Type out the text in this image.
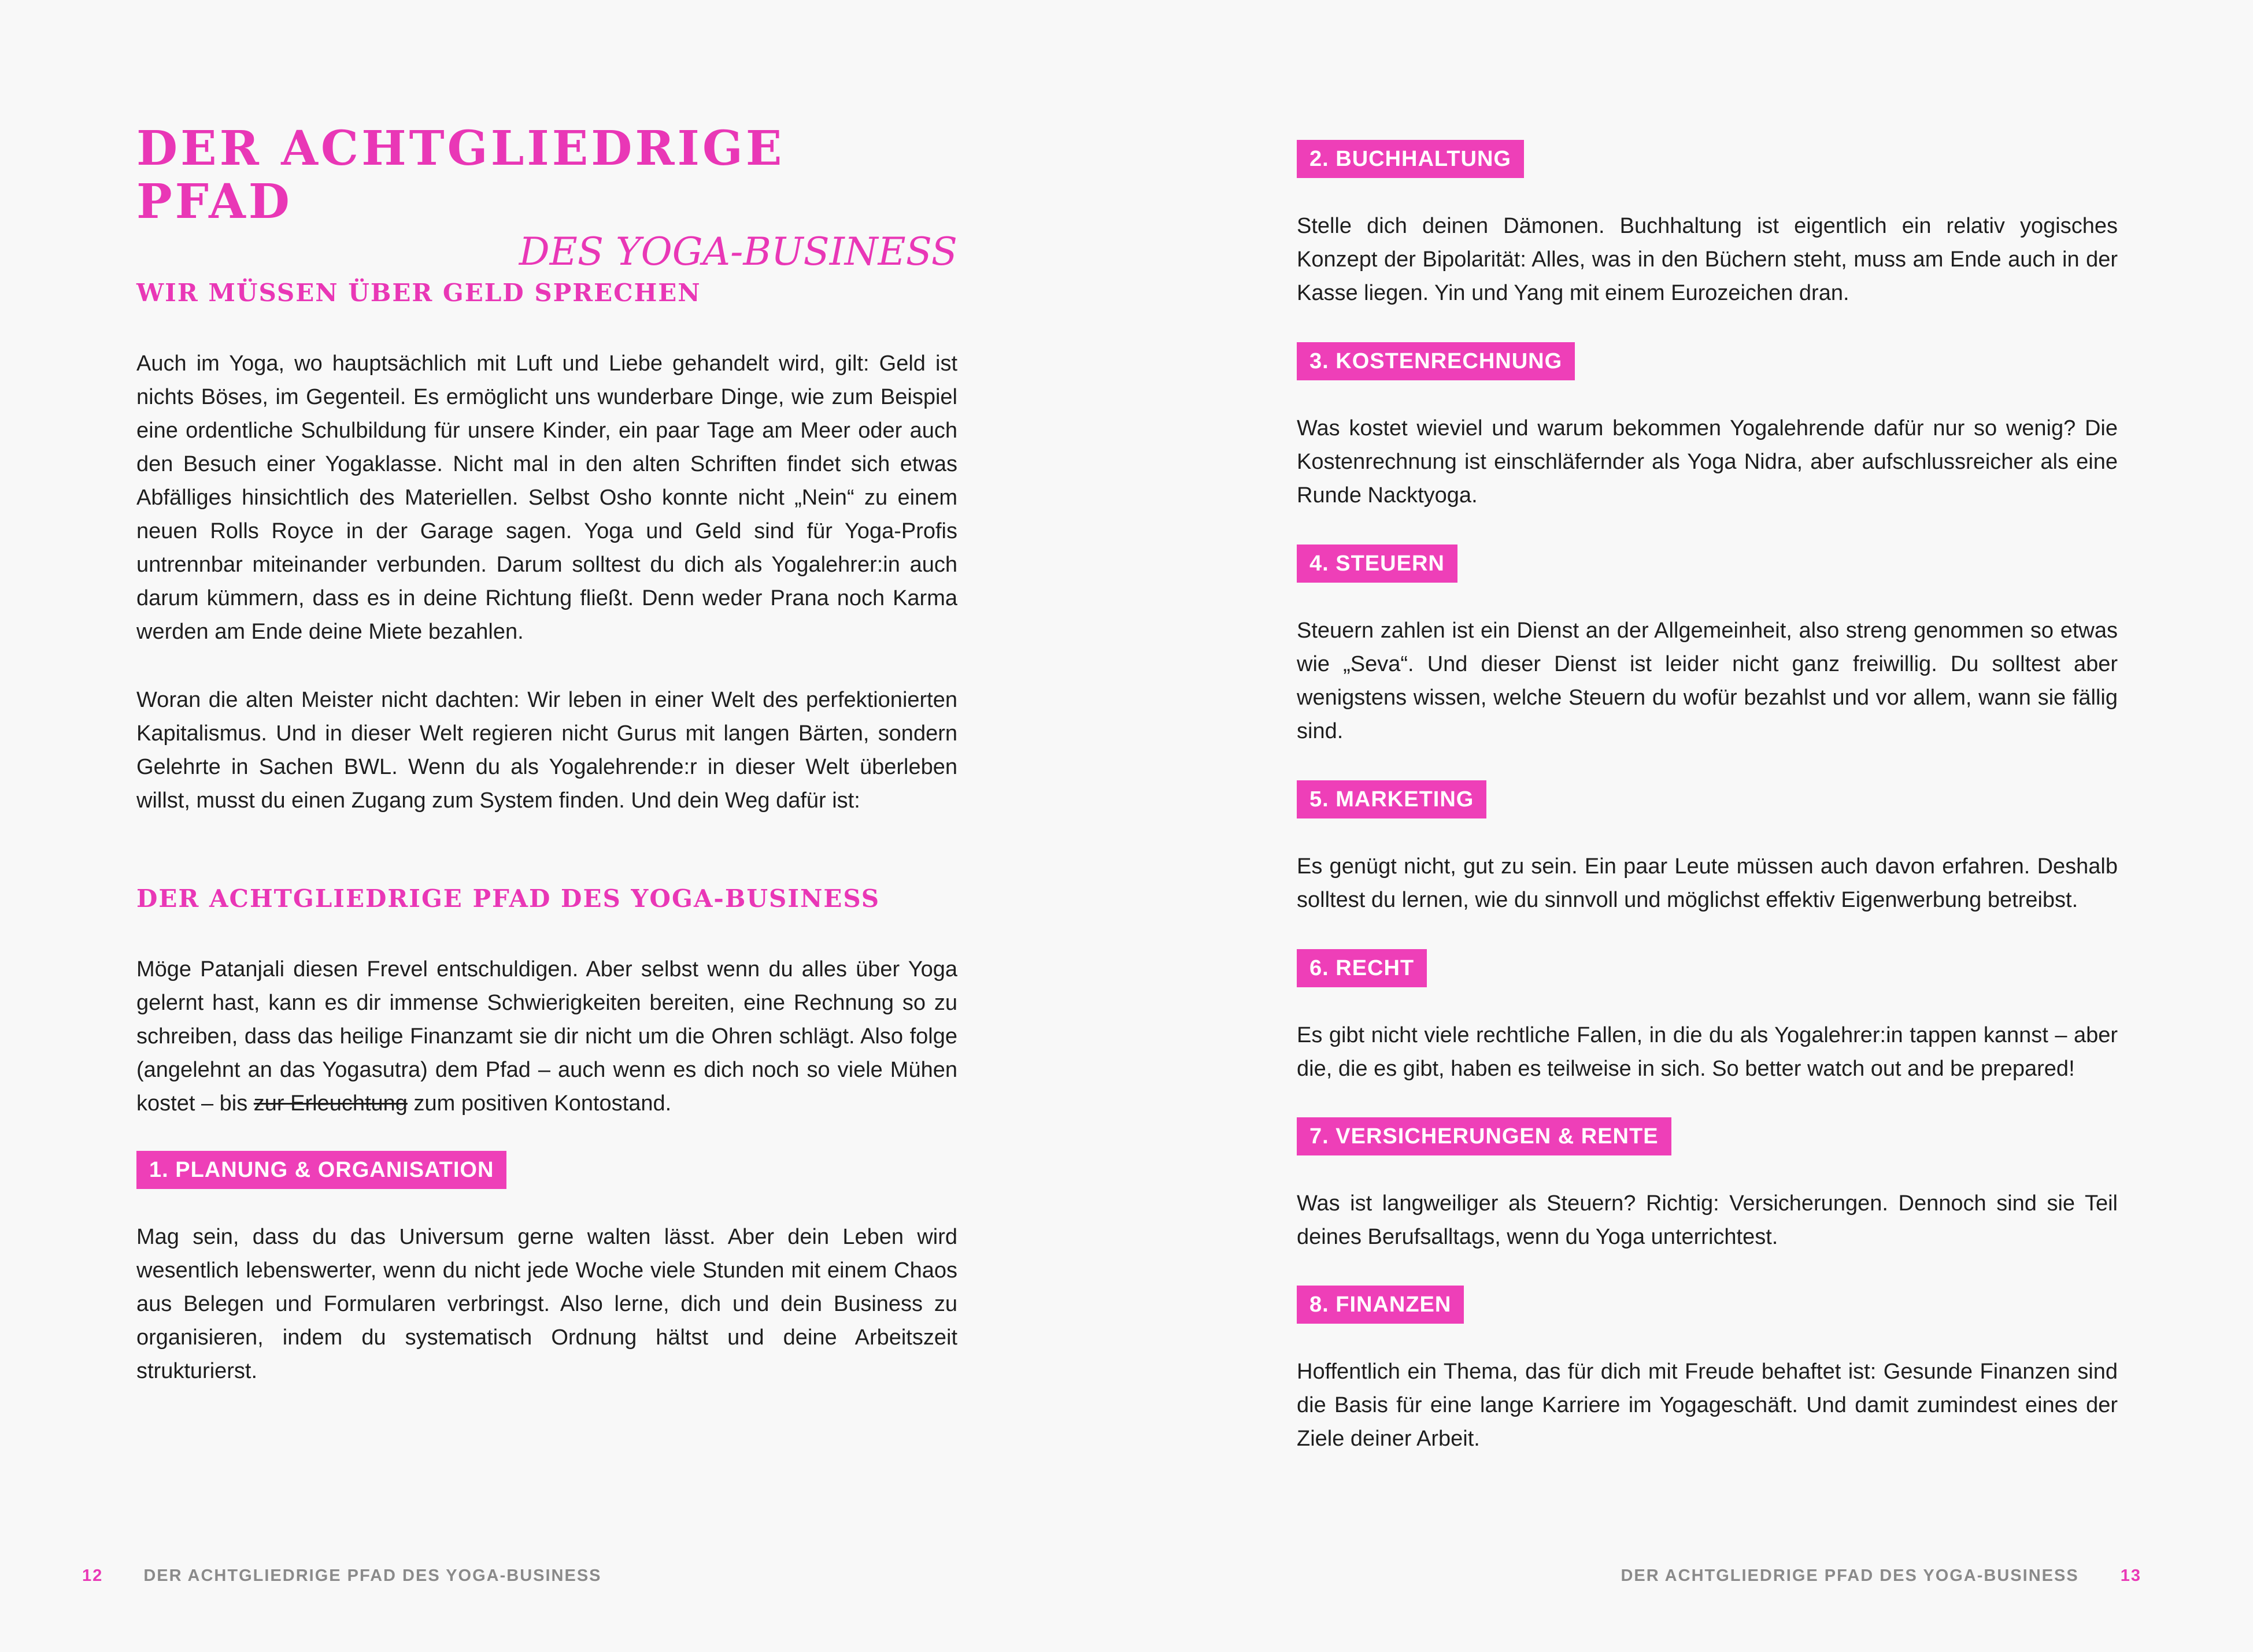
DER ACHTGLIEDRIGE PFAD
DES YOGA-BUSINESS
WIR MÜSSEN ÜBER GELD SPRECHEN

Auch im Yoga, wo hauptsächlich mit Luft und Liebe gehandelt wird, gilt: Geld ist nichts Böses, im Gegenteil. Es ermöglicht uns wunderbare Dinge, wie zum Beispiel eine ordentliche Schulbildung für unsere Kinder, ein paar Tage am Meer oder auch den Besuch einer Yogaklasse. Nicht mal in den alten Schriften findet sich etwas Abfälliges hinsichtlich des Materiellen. Selbst Osho konnte nicht „Nein“ zu einem neuen Rolls Royce in der Garage sagen. Yoga und Geld sind für Yoga-Profis untrennbar miteinander verbunden. Darum solltest du dich als Yogalehrer:in auch darum kümmern, dass es in deine Richtung fließt. Denn weder Prana noch Karma werden am Ende deine Miete bezahlen.

Woran die alten Meister nicht dachten: Wir leben in einer Welt des perfektionierten Kapitalismus. Und in dieser Welt regieren nicht Gurus mit langen Bärten, sondern Gelehrte in Sachen BWL. Wenn du als Yogalehrende:r in dieser Welt überleben willst, musst du einen Zugang zum System finden. Und dein Weg dafür ist:

DER ACHTGLIEDRIGE PFAD DES YOGA-BUSINESS

Möge Patanjali diesen Frevel entschuldigen. Aber selbst wenn du alles über Yoga gelernt hast, kann es dir immense Schwierigkeiten bereiten, eine Rechnung so zu schreiben, dass das heilige Finanzamt sie dir nicht um die Ohren schlägt. Also folge (angelehnt an das Yogasutra) dem Pfad – auch wenn es dich noch so viele Mühen kostet – bis zur Erleuchtung zum positiven Kontostand.

1. PLANUNG & ORGANISATION

Mag sein, dass du das Universum gerne walten lässt. Aber dein Leben wird wesentlich lebenswerter, wenn du nicht jede Woche viele Stunden mit einem Chaos aus Belegen und Formularen verbringst. Also lerne, dich und dein Business zu organisieren, indem du systematisch Ordnung hältst und deine Arbeitszeit strukturierst.

12 DER ACHTGLIEDRIGE PFAD DES YOGA-BUSINESS
2. BUCHHALTUNG

Stelle dich deinen Dämonen. Buchhaltung ist eigentlich ein relativ yogisches Konzept der Bipolarität: Alles, was in den Büchern steht, muss am Ende auch in der Kasse liegen. Yin und Yang mit einem Eurozeichen dran.

3. KOSTENRECHNUNG

Was kostet wieviel und warum bekommen Yogalehrende dafür nur so wenig? Die Kostenrechnung ist einschläfernder als Yoga Nidra, aber aufschlussreicher als eine Runde Nacktyoga.

4. STEUERN

Steuern zahlen ist ein Dienst an der Allgemeinheit, also streng genommen so etwas wie „Seva“. Und dieser Dienst ist leider nicht ganz freiwillig. Du solltest aber wenigstens wissen, welche Steuern du wofür bezahlst und vor allem, wann sie fällig sind.

5. MARKETING

Es genügt nicht, gut zu sein. Ein paar Leute müssen auch davon erfahren. Deshalb solltest du lernen, wie du sinnvoll und möglichst effektiv Eigenwerbung betreibst.

6. RECHT

Es gibt nicht viele rechtliche Fallen, in die du als Yogalehrer:in tappen kannst – aber die, die es gibt, haben es teilweise in sich. So better watch out and be prepared!

7. VERSICHERUNGEN & RENTE

Was ist langweiliger als Steuern? Richtig: Versicherungen. Dennoch sind sie Teil deines Berufsalltags, wenn du Yoga unterrichtest.

8. FINANZEN

Hoffentlich ein Thema, das für dich mit Freude behaftet ist: Gesunde Finanzen sind die Basis für eine lange Karriere im Yogageschäft. Und damit zumindest eines der Ziele deiner Arbeit.

DER ACHTGLIEDRIGE PFAD DES YOGA-BUSINESS 13
